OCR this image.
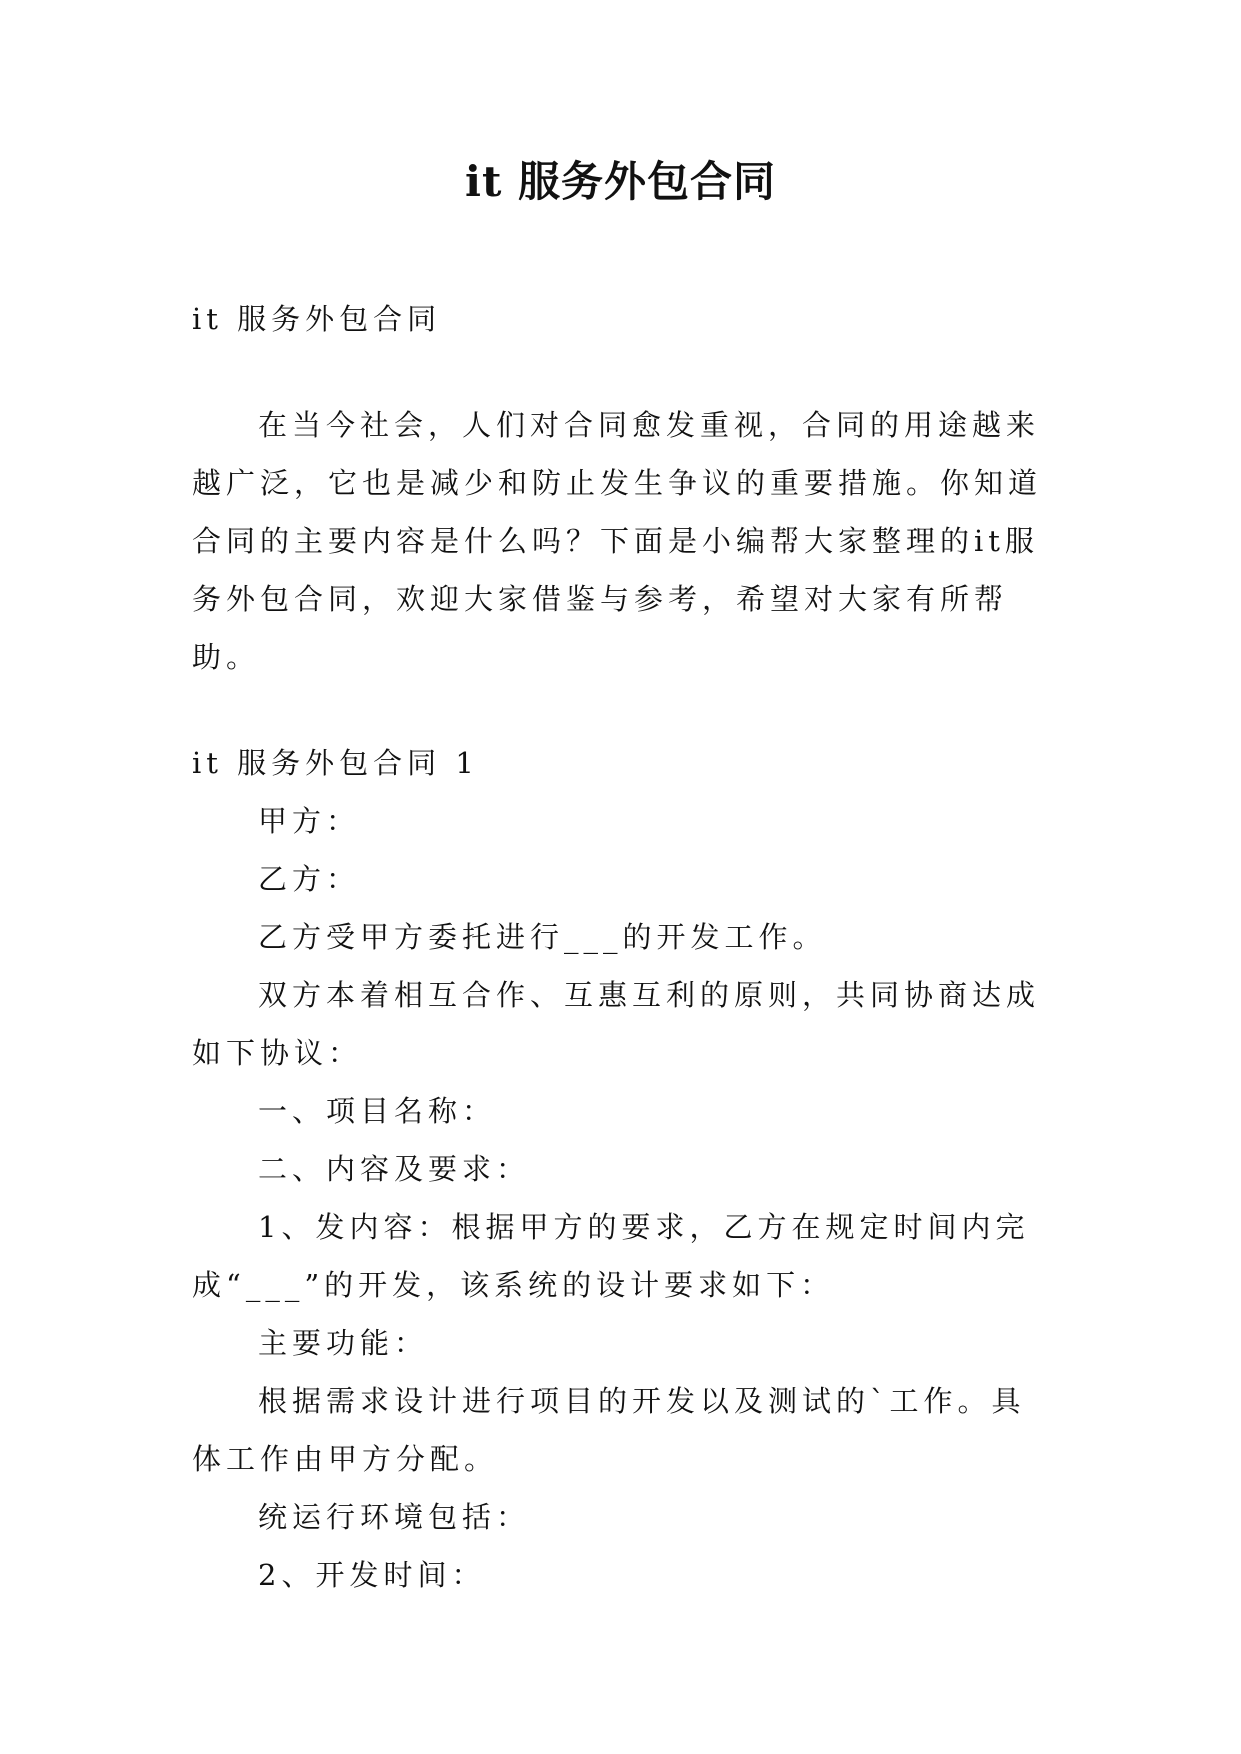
it 服务外包合同

it 服务外包合同

在当今社会，人们对合同愈发重视，合同的用途越来越广泛，它也是减少和防止发生争议的重要措施。你知道合同的主要内容是什么吗？下面是小编帮大家整理的it服务外包合同，欢迎大家借鉴与参考，希望对大家有所帮助。

it 服务外包合同 1

甲方：

乙方：

乙方受甲方委托进行___的开发工作。

双方本着相互合作、互惠互利的原则，共同协商达成如下协议：

一、项目名称：

二、内容及要求：

1、发内容：根据甲方的要求，乙方在规定时间内完成“___”的开发，该系统的设计要求如下：

主要功能：

根据需求设计进行项目的开发以及测试的`工作。具体工作由甲方分配。

统运行环境包括：

2、开发时间：
